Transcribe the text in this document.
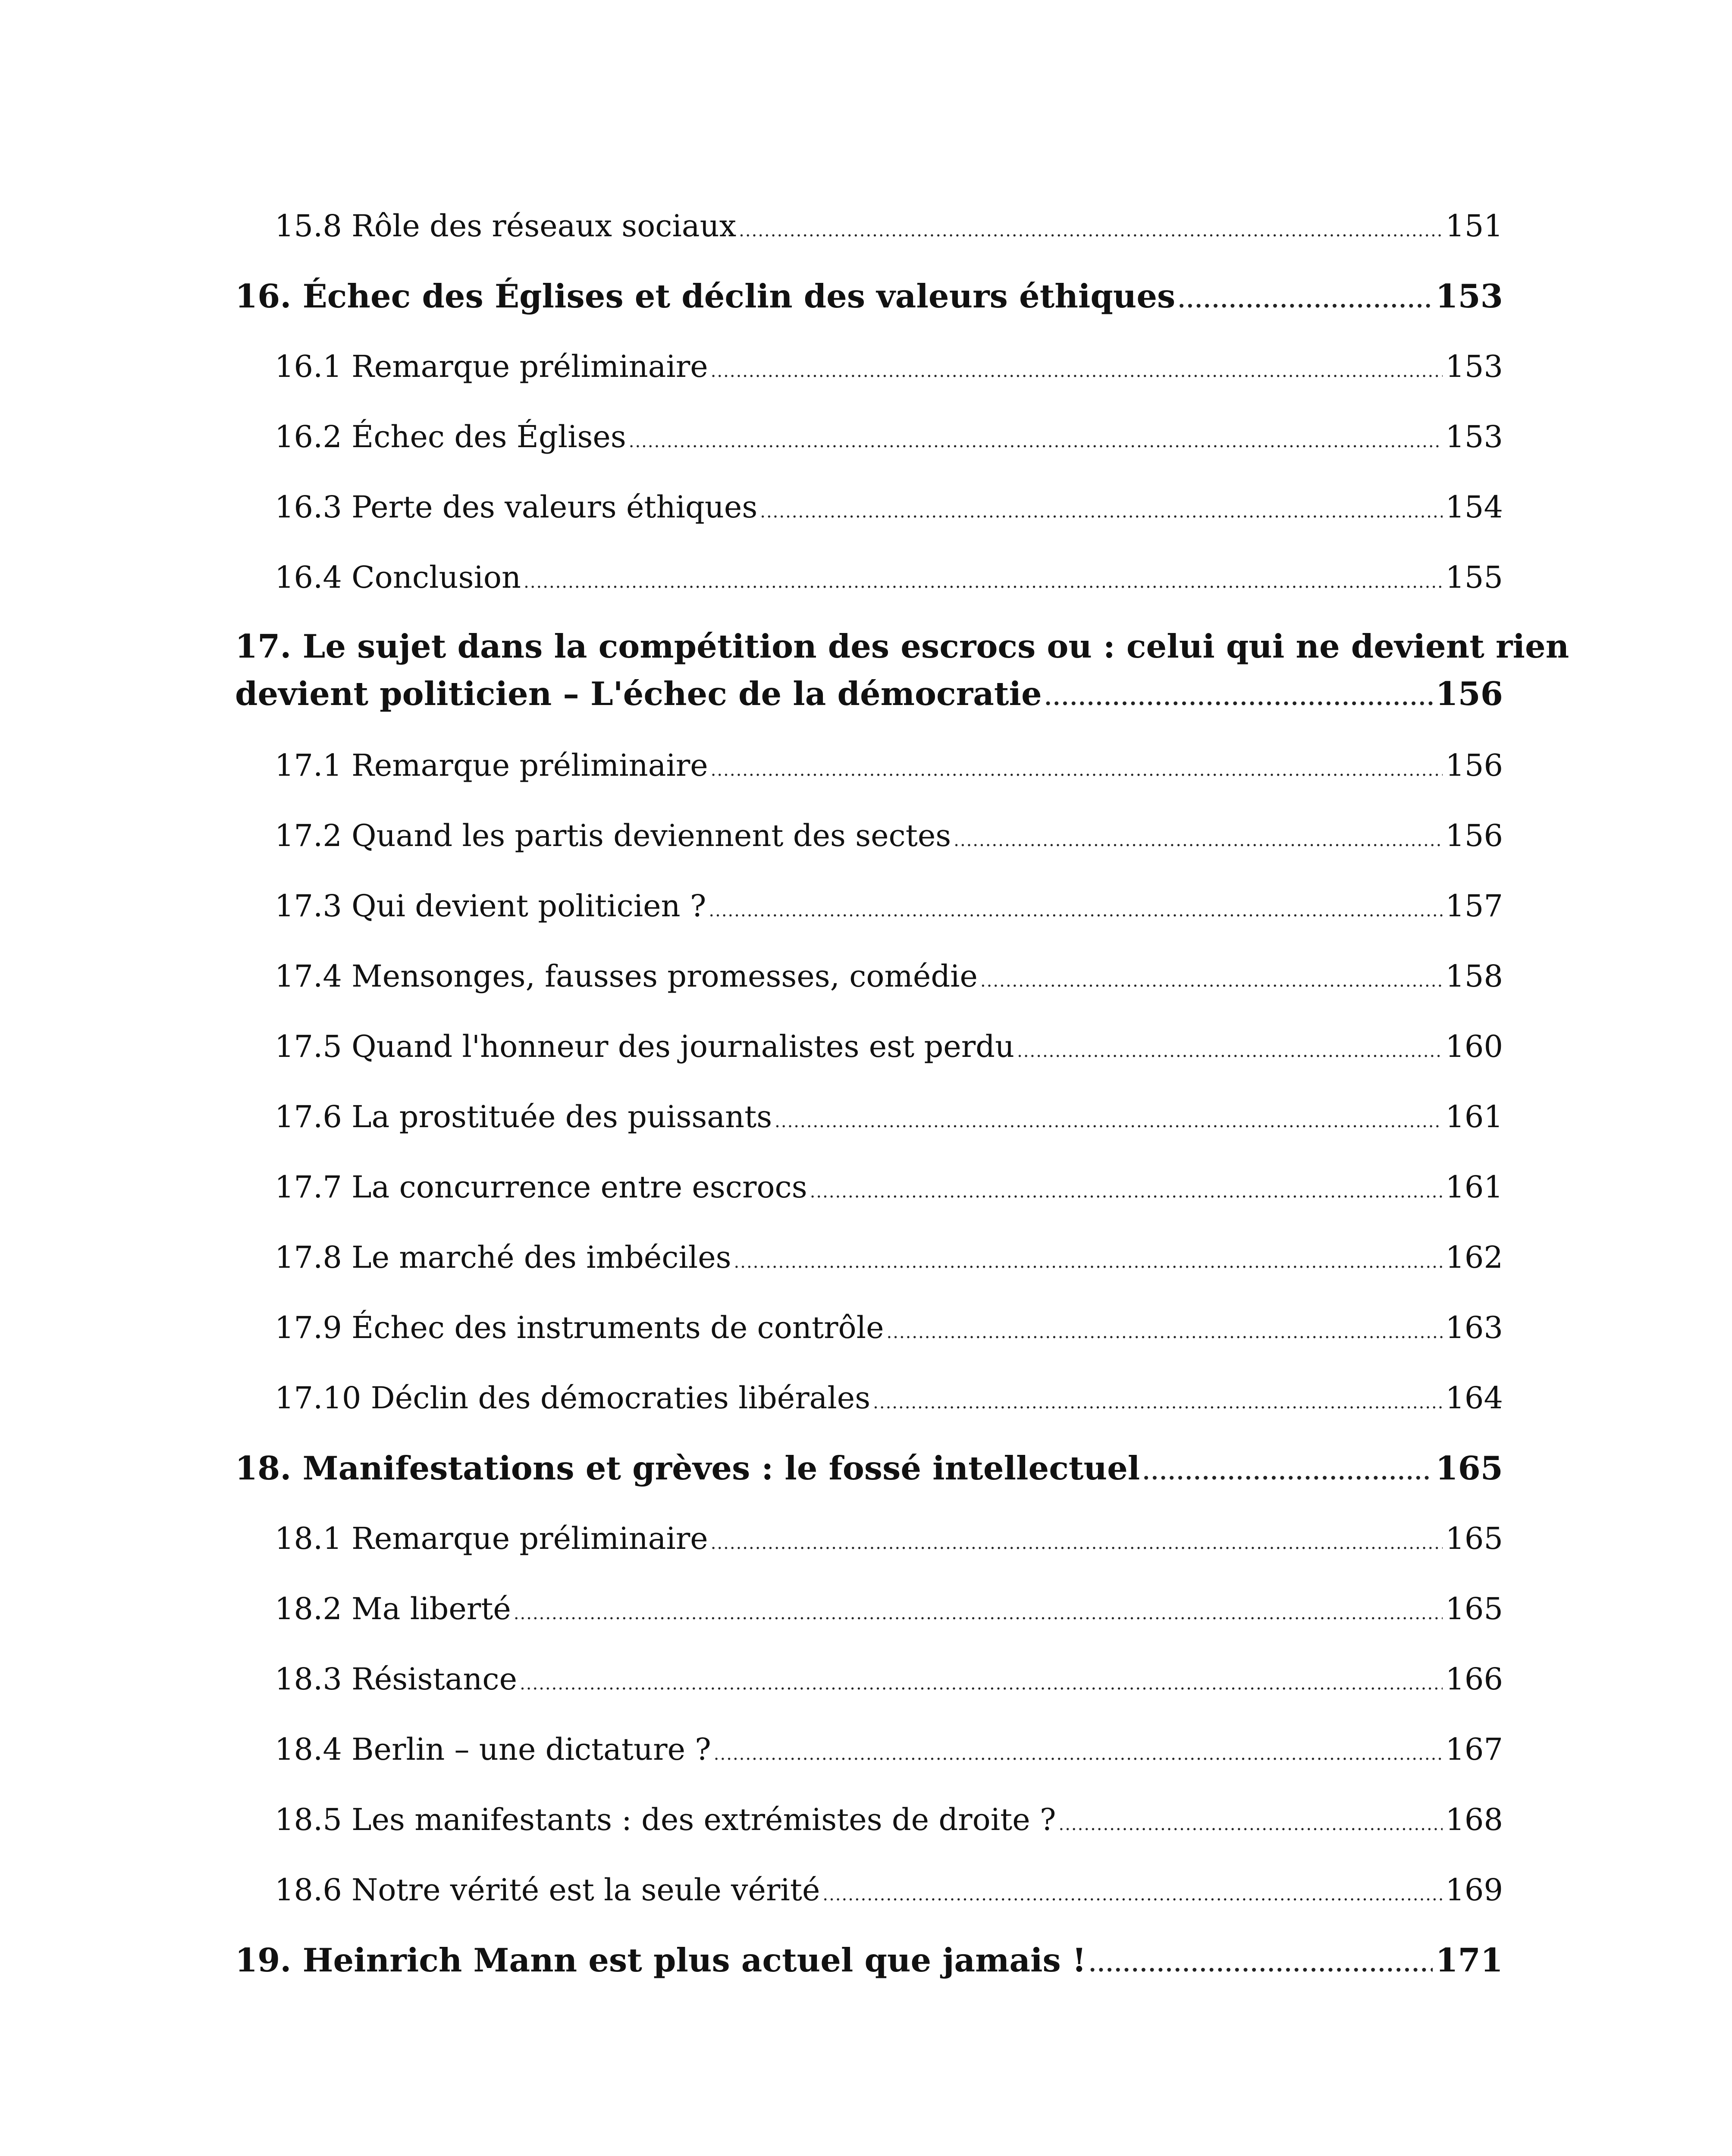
15.8 Rôle des réseaux sociaux .....	151
16. Échec des Églises et déclin des valeurs éthiques .....	153
16.1 Remarque préliminaire .....	153
16.2 Échec des Églises .....	153
16.3 Perte des valeurs éthiques .....	154
16.4 Conclusion .....	155
17. Le sujet dans la compétition des escrocs ou : celui qui ne devient rien
devient politicien – L'échec de la démocratie .....	156
17.1 Remarque préliminaire .....	156
17.2 Quand les partis deviennent des sectes .....	156
17.3 Qui devient politicien ? .....	157
17.4 Mensonges, fausses promesses, comédie .....	158
17.5 Quand l'honneur des journalistes est perdu .....	160
17.6 La prostituée des puissants .....	161
17.7 La concurrence entre escrocs .....	161
17.8 Le marché des imbéciles .....	162
17.9 Échec des instruments de contrôle .....	163
17.10 Déclin des démocraties libérales .....	164
18. Manifestations et grèves : le fossé intellectuel .....	165
18.1 Remarque préliminaire .....	165
18.2 Ma liberté .....	165
18.3 Résistance .....	166
18.4 Berlin – une dictature ? .....	167
18.5 Les manifestants : des extrémistes de droite ? .....	168
18.6 Notre vérité est la seule vérité .....	169
19. Heinrich Mann est plus actuel que jamais ! .....	171
